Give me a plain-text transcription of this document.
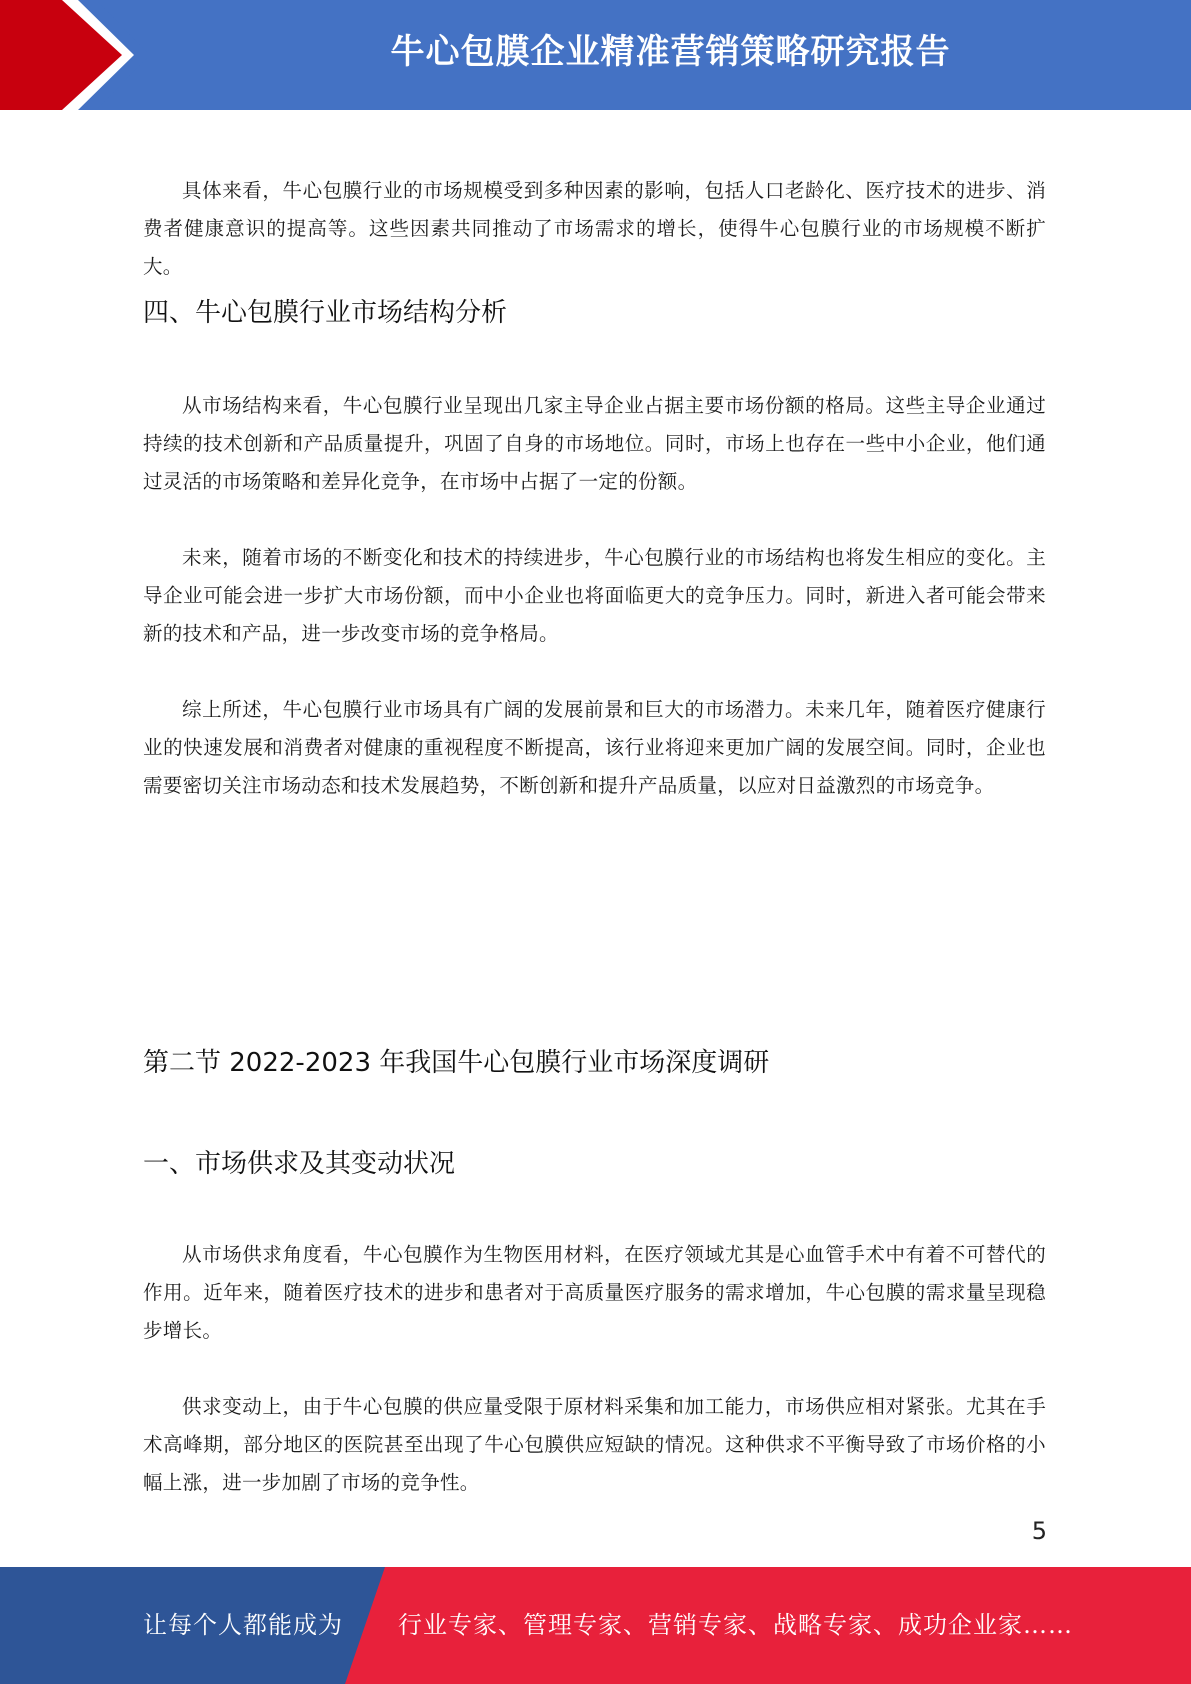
牛心包膜企业精准营销策略研究报告

具体来看，牛心包膜行业的市场规模受到多种因素的影响，包括人口老龄化、医疗技术的进步、消费者健康意识的提高等。这些因素共同推动了市场需求的增长，使得牛心包膜行业的市场规模不断扩大。

四、牛心包膜行业市场结构分析

从市场结构来看，牛心包膜行业呈现出几家主导企业占据主要市场份额的格局。这些主导企业通过持续的技术创新和产品质量提升，巩固了自身的市场地位。同时，市场上也存在一些中小企业，他们通过灵活的市场策略和差异化竞争，在市场中占据了一定的份额。

未来，随着市场的不断变化和技术的持续进步，牛心包膜行业的市场结构也将发生相应的变化。主导企业可能会进一步扩大市场份额，而中小企业也将面临更大的竞争压力。同时，新进入者可能会带来新的技术和产品，进一步改变市场的竞争格局。

综上所述，牛心包膜行业市场具有广阔的发展前景和巨大的市场潜力。未来几年，随着医疗健康行业的快速发展和消费者对健康的重视程度不断提高，该行业将迎来更加广阔的发展空间。同时，企业也需要密切关注市场动态和技术发展趋势，不断创新和提升产品质量，以应对日益激烈的市场竞争。

第二节 2022-2023 年我国牛心包膜行业市场深度调研
一、市场供求及其变动状况

从市场供求角度看，牛心包膜作为生物医用材料，在医疗领域尤其是心血管手术中有着不可替代的作用。近年来，随着医疗技术的进步和患者对于高质量医疗服务的需求增加，牛心包膜的需求量呈现稳步增长。

供求变动上，由于牛心包膜的供应量受限于原材料采集和加工能力，市场供应相对紧张。尤其在手术高峰期，部分地区的医院甚至出现了牛心包膜供应短缺的情况。这种供求不平衡导致了市场价格的小幅上涨，进一步加剧了市场的竞争性。

5
让每个人都能成为 行业专家、管理专家、营销专家、战略专家、成功企业家……
